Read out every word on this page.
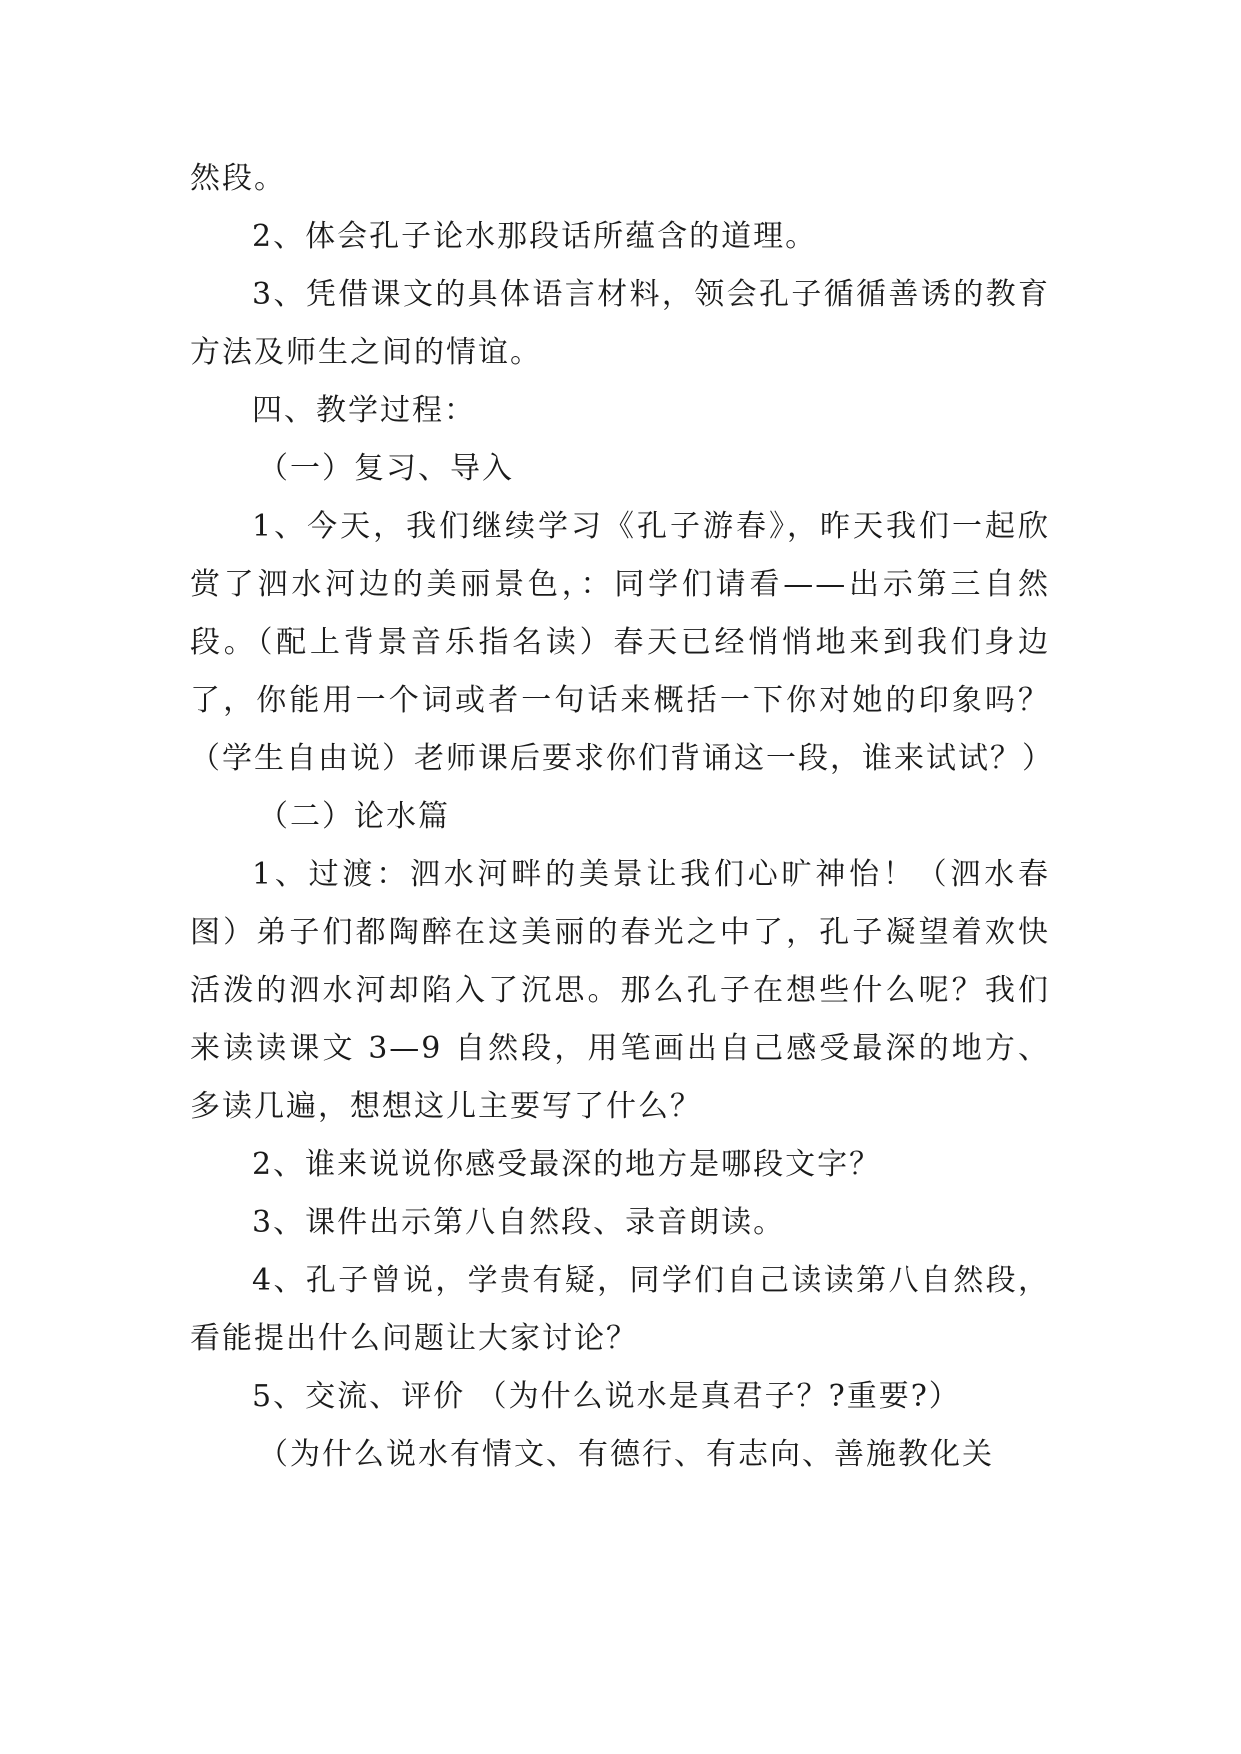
然段。

2、体会孔子论水那段话所蕴含的道理。

3、凭借课文的具体语言材料，领会孔子循循善诱的教育方法及师生之间的情谊。

四、教学过程：

（一）复习、导入

1、今天，我们继续学习《孔子游春》，昨天我们一起欣赏了泗水河边的美丽景色，：同学们请看——出示第三自然段。（配上背景音乐指名读）春天已经悄悄地来到我们身边了，你能用一个词或者一句话来概括一下你对她的印象吗？（学生自由说）老师课后要求你们背诵这一段，谁来试试？）

（二）论水篇

1、过渡：泗水河畔的美景让我们心旷神怡！（泗水春图）弟子们都陶醉在这美丽的春光之中了，孔子凝望着欢快活泼的泗水河却陷入了沉思。那么孔子在想些什么呢？我们来读读课文 3—9 自然段，用笔画出自己感受最深的地方、多读几遍，想想这儿主要写了什么？

2、谁来说说你感受最深的地方是哪段文字？

3、课件出示第八自然段、录音朗读。

4、孔子曾说，学贵有疑，同学们自己读读第八自然段，看能提出什么问题让大家讨论？

5、交流、评价 （为什么说水是真君子？?重要?）

（为什么说水有情文、有德行、有志向、善施教化关
